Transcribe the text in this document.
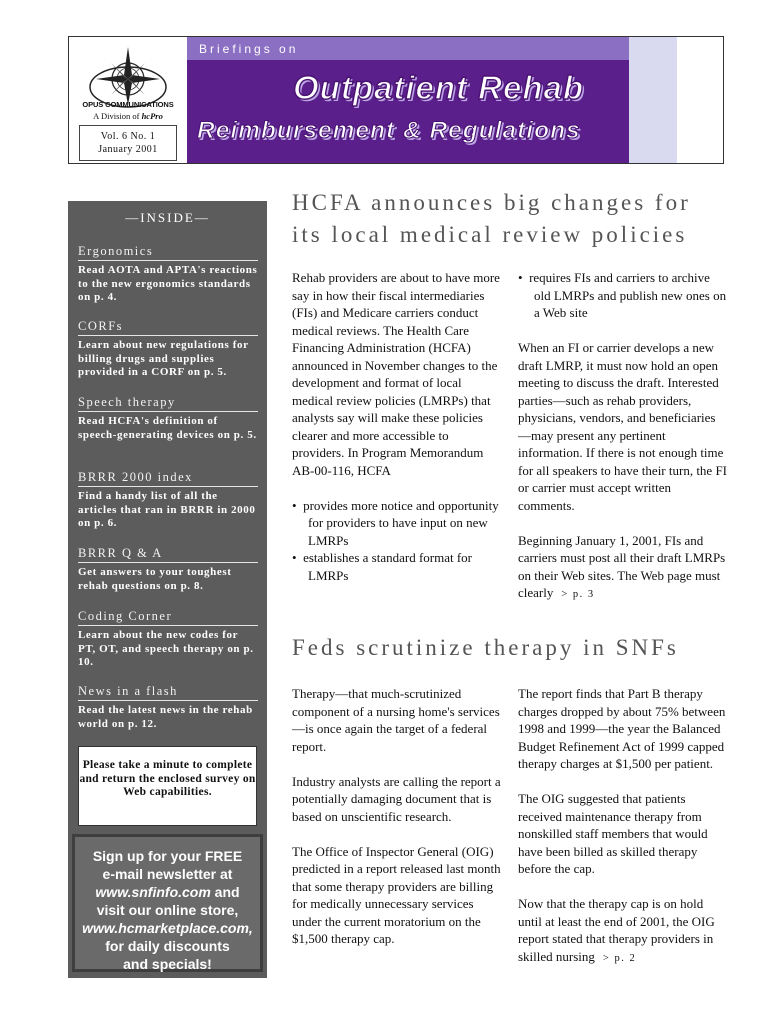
OPUS COMMUNICATIONS
A Division of hcPro
Vol. 6 No. 1
January 2001
Briefings on
Outpatient Rehab
Reimbursement & Regulations
—INSIDE—
Ergonomics
Read AOTA and APTA's reactions to the new ergonomics standards on p. 4.
CORFs
Learn about new regulations for billing drugs and supplies provided in a CORF on p. 5.
Speech therapy
Read HCFA's definition of speech-generating devices on p. 5.
BRRR 2000 index
Find a handy list of all the articles that ran in BRRR in 2000 on p. 6.
BRRR Q & A
Get answers to your toughest rehab questions on p. 8.
Coding Corner
Learn about the new codes for PT, OT, and speech therapy on p. 10.
News in a flash
Read the latest news in the rehab world on p. 12.
Please take a minute to complete and return the enclosed survey on Web capabilities.
Sign up for your FREE
e-mail newsletter at
www.snfinfo.com and
visit our online store,
www.hcmarketplace.com,
for daily discounts
and specials!
HCFA announces big changes for
its local medical review policies

Rehab providers are about to have more say in how their fiscal intermediaries (FIs) and Medicare carriers conduct medical reviews. The Health Care Financing Administration (HCFA) announced in November changes to the development and format of local medical review policies (LMRPs) that analysts say will make these policies clearer and more accessible to providers. In Program Memorandum AB-00-116, HCFA

•  provides more notice and opportunity for providers to have input on new LMRPs

•  establishes a standard format for LMRPs

•  requires FIs and carriers to archive old LMRPs and publish new ones on a Web site

When an FI or carrier develops a new draft LMRP, it must now hold an open meeting to discuss the draft. Interested parties—such as rehab providers, physicians, vendors, and beneficiaries—may present any pertinent information. If there is not enough time for all speakers to have their turn, the FI or carrier must accept written comments.

Beginning January 1, 2001, FIs and carriers must post all their draft LMRPs on their Web sites. The Web page must clearly > p. 3

Feds scrutinize therapy in SNFs

Therapy—that much-scrutinized component of a nursing home's services—is once again the target of a federal report.

Industry analysts are calling the report a potentially damaging document that is based on unscientific research.

The Office of Inspector General (OIG) predicted in a report released last month that some therapy providers are billing for medically unnecessary services under the current moratorium on the $1,500 therapy cap.

The report finds that Part B therapy charges dropped by about 75% between 1998 and 1999—the year the Balanced Budget Refinement Act of 1999 capped therapy charges at $1,500 per patient.

The OIG suggested that patients received maintenance therapy from nonskilled staff members that would have been billed as skilled therapy before the cap.

Now that the therapy cap is on hold until at least the end of 2001, the OIG report stated that therapy providers in skilled nursing > p. 2
